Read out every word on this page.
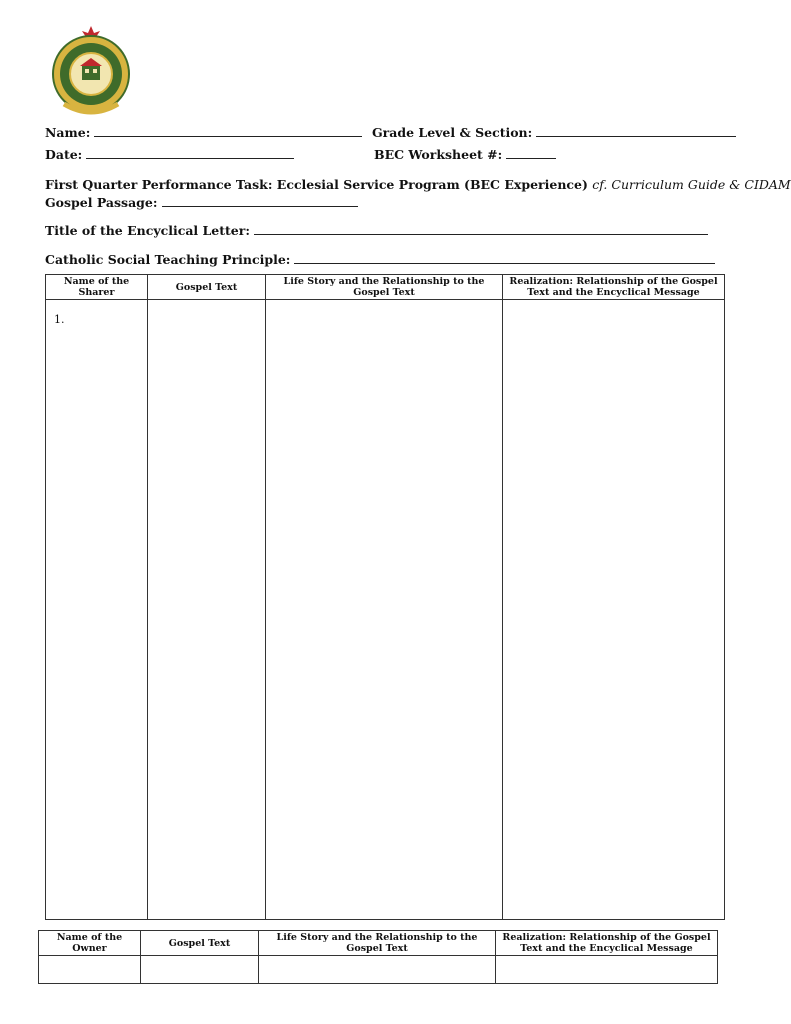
Name:	Grade Level & Section:
Date:	BEC Worksheet #:
First Quarter Performance Task: Ecclesial Service Program (BEC Experience) cf. Curriculum Guide & CIDAM
Gospel Passage:
Title of the Encyclical Letter:
Catholic Social Teaching Principle:
Name of the Sharer	Gospel Text	Life Story and the Relationship to the Gospel Text	Realization: Relationship of the Gospel Text and the Encyclical Message
1.			
Name of the Owner	Gospel Text	Life Story and the Relationship to the Gospel Text	Realization: Relationship of the Gospel Text and the Encyclical Message
